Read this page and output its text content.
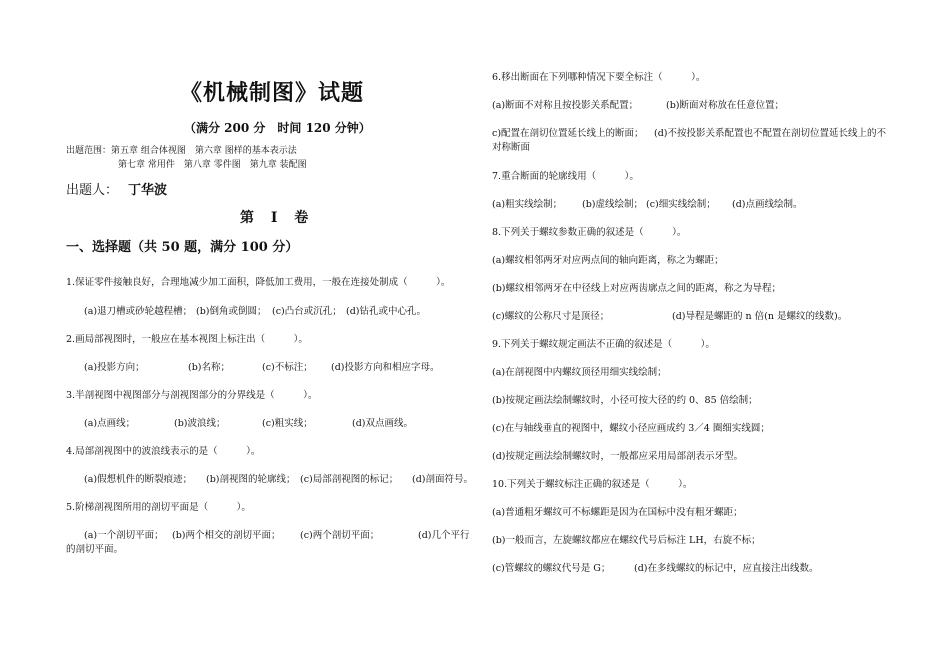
《机械制图》试题
（满分 200 分　时间 120 分钟）
出题范围：第五章 组合体视图　第六章 图样的基本表示法
第七章 常用件　第八章 零件图　第九章 装配图
出题人： 丁华波
第 Ⅰ 卷
一、选择题（共 50 题，满分 100 分）
1.保证零件接触良好，合理地减少加工面积，降低加工费用，一般在连接处制成（　　　）。
(a)退刀槽或砂轮越程槽； (b)倒角或倒圆； (c)凸台或沉孔； (d)钻孔或中心孔。
2.画局部视图时，一般应在基本视图上标注出（　　　）。
(a)投影方向；	(b)名称；	(c)不标注； (d)投影方向和相应字母。
3.半剖视图中视图部分与剖视图部分的分界线是（　　　）。
(a)点画线；	(b)波浪线；	(c)粗实线；	(d)双点画线。
4.局部剖视图中的波浪线表示的是（　　　）。
(a)假想机件的断裂痕迹； (b)剖视图的轮廓线； (c)局部剖视图的标记； (d)剖面符号。
5.阶梯剖视图所用的剖切平面是（　　　）。
(a)一个剖切平面； (b)两个相交的剖切平面； (c)两个剖切平面；	(d)几个平行
的剖切平面。
6.移出断面在下列哪种情况下要全标注（　　　）。
(a)断面不对称且按投影关系配置；	(b)断面对称放在任意位置；
c)配置在剖切位置延长线上的断面； (d)不按投影关系配置也不配置在剖切位置延长线上的不
对称断面
7.重合断面的轮廓线用（　　　）。
(a)粗实线绘制； (b)虚线绘制； (c)细实线绘制； (d)点画线绘制。
8.下列关于螺纹参数正确的叙述是（　　　）。
(a)螺纹相邻两牙对应两点间的轴向距离，称之为螺距；
(b)螺纹相邻两牙在中径线上对应两齿廓点之间的距离，称之为导程；
(c)螺纹的公称尺寸是顶径；	(d)导程是螺距的 n 倍(n 是螺纹的线数)。
9.下列关于螺纹规定画法不正确的叙述是（　　　）。
(a)在剖视图中内螺纹顶径用细实线绘制；
(b)按规定画法绘制螺纹时，小径可按大径的约 0、85 倍绘制；
(c)在与轴线垂直的视图中，螺纹小径应画成约 3／4 圈细实线圆；
(d)按规定画法绘制螺纹时，一般都应采用局部剖表示牙型。
10.下列关于螺纹标注正确的叙述是（　　　）。
(a)普通粗牙螺纹可不标螺距是因为在国标中没有粗牙螺距；
(b)一般而言，左旋螺纹都应在螺纹代号后标注 LH，右旋不标；
(c)管螺纹的螺纹代号是 G； (d)在多线螺纹的标记中，应直接注出线数。
